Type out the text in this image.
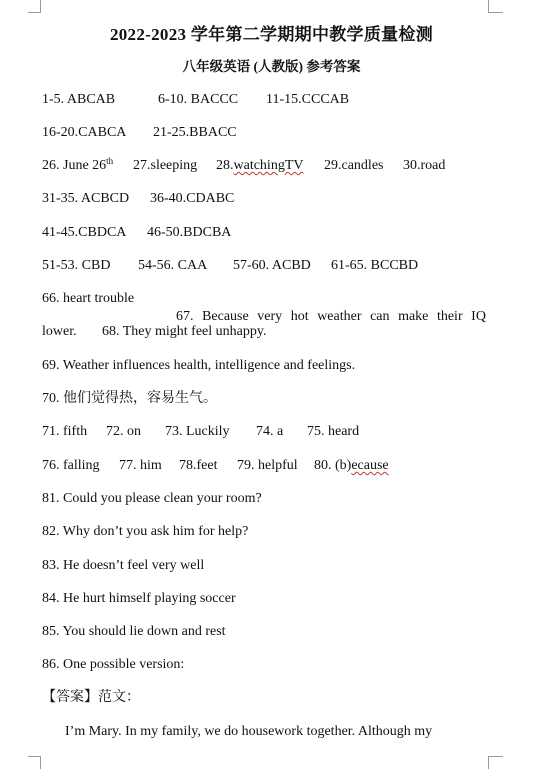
2022-2023 学年第二学期期中教学质量检测
八年级英语 (人教版) 参考答案
1-5. ABCAB	6-10. BACCC 11-15.CCCAB
16-20.CABCA 21-25.BBACC
26. June 26th 27.sleeping 28.watchingTV 29.candles 30.road
31-35. ACBCD 36-40.CDABC
41-45.CBDCA 46-50.BDCBA
51-53. CBD 54-56. CAA 57-60. ACBD 61-65. BCCBD
66. heart trouble
67. Because very hot weather can make their IQ
lower. 68. They might feel unhappy.
69. Weather influences health, intelligence and feelings.
70. 他们觉得热，容易生气。
71. fifth 72. on 73. Luckily 74. a 75. heard
76. falling 77. him 78.feet 79. helpful 80. (b)ecause
81. Could you please clean your room?
82. Why don’t you ask him for help?
83. He doesn’t feel very well
84. He hurt himself playing soccer
85. You should lie down and rest
86. One possible version:
【答案】范文：
I’m Mary. In my family, we do housework together. Although my
